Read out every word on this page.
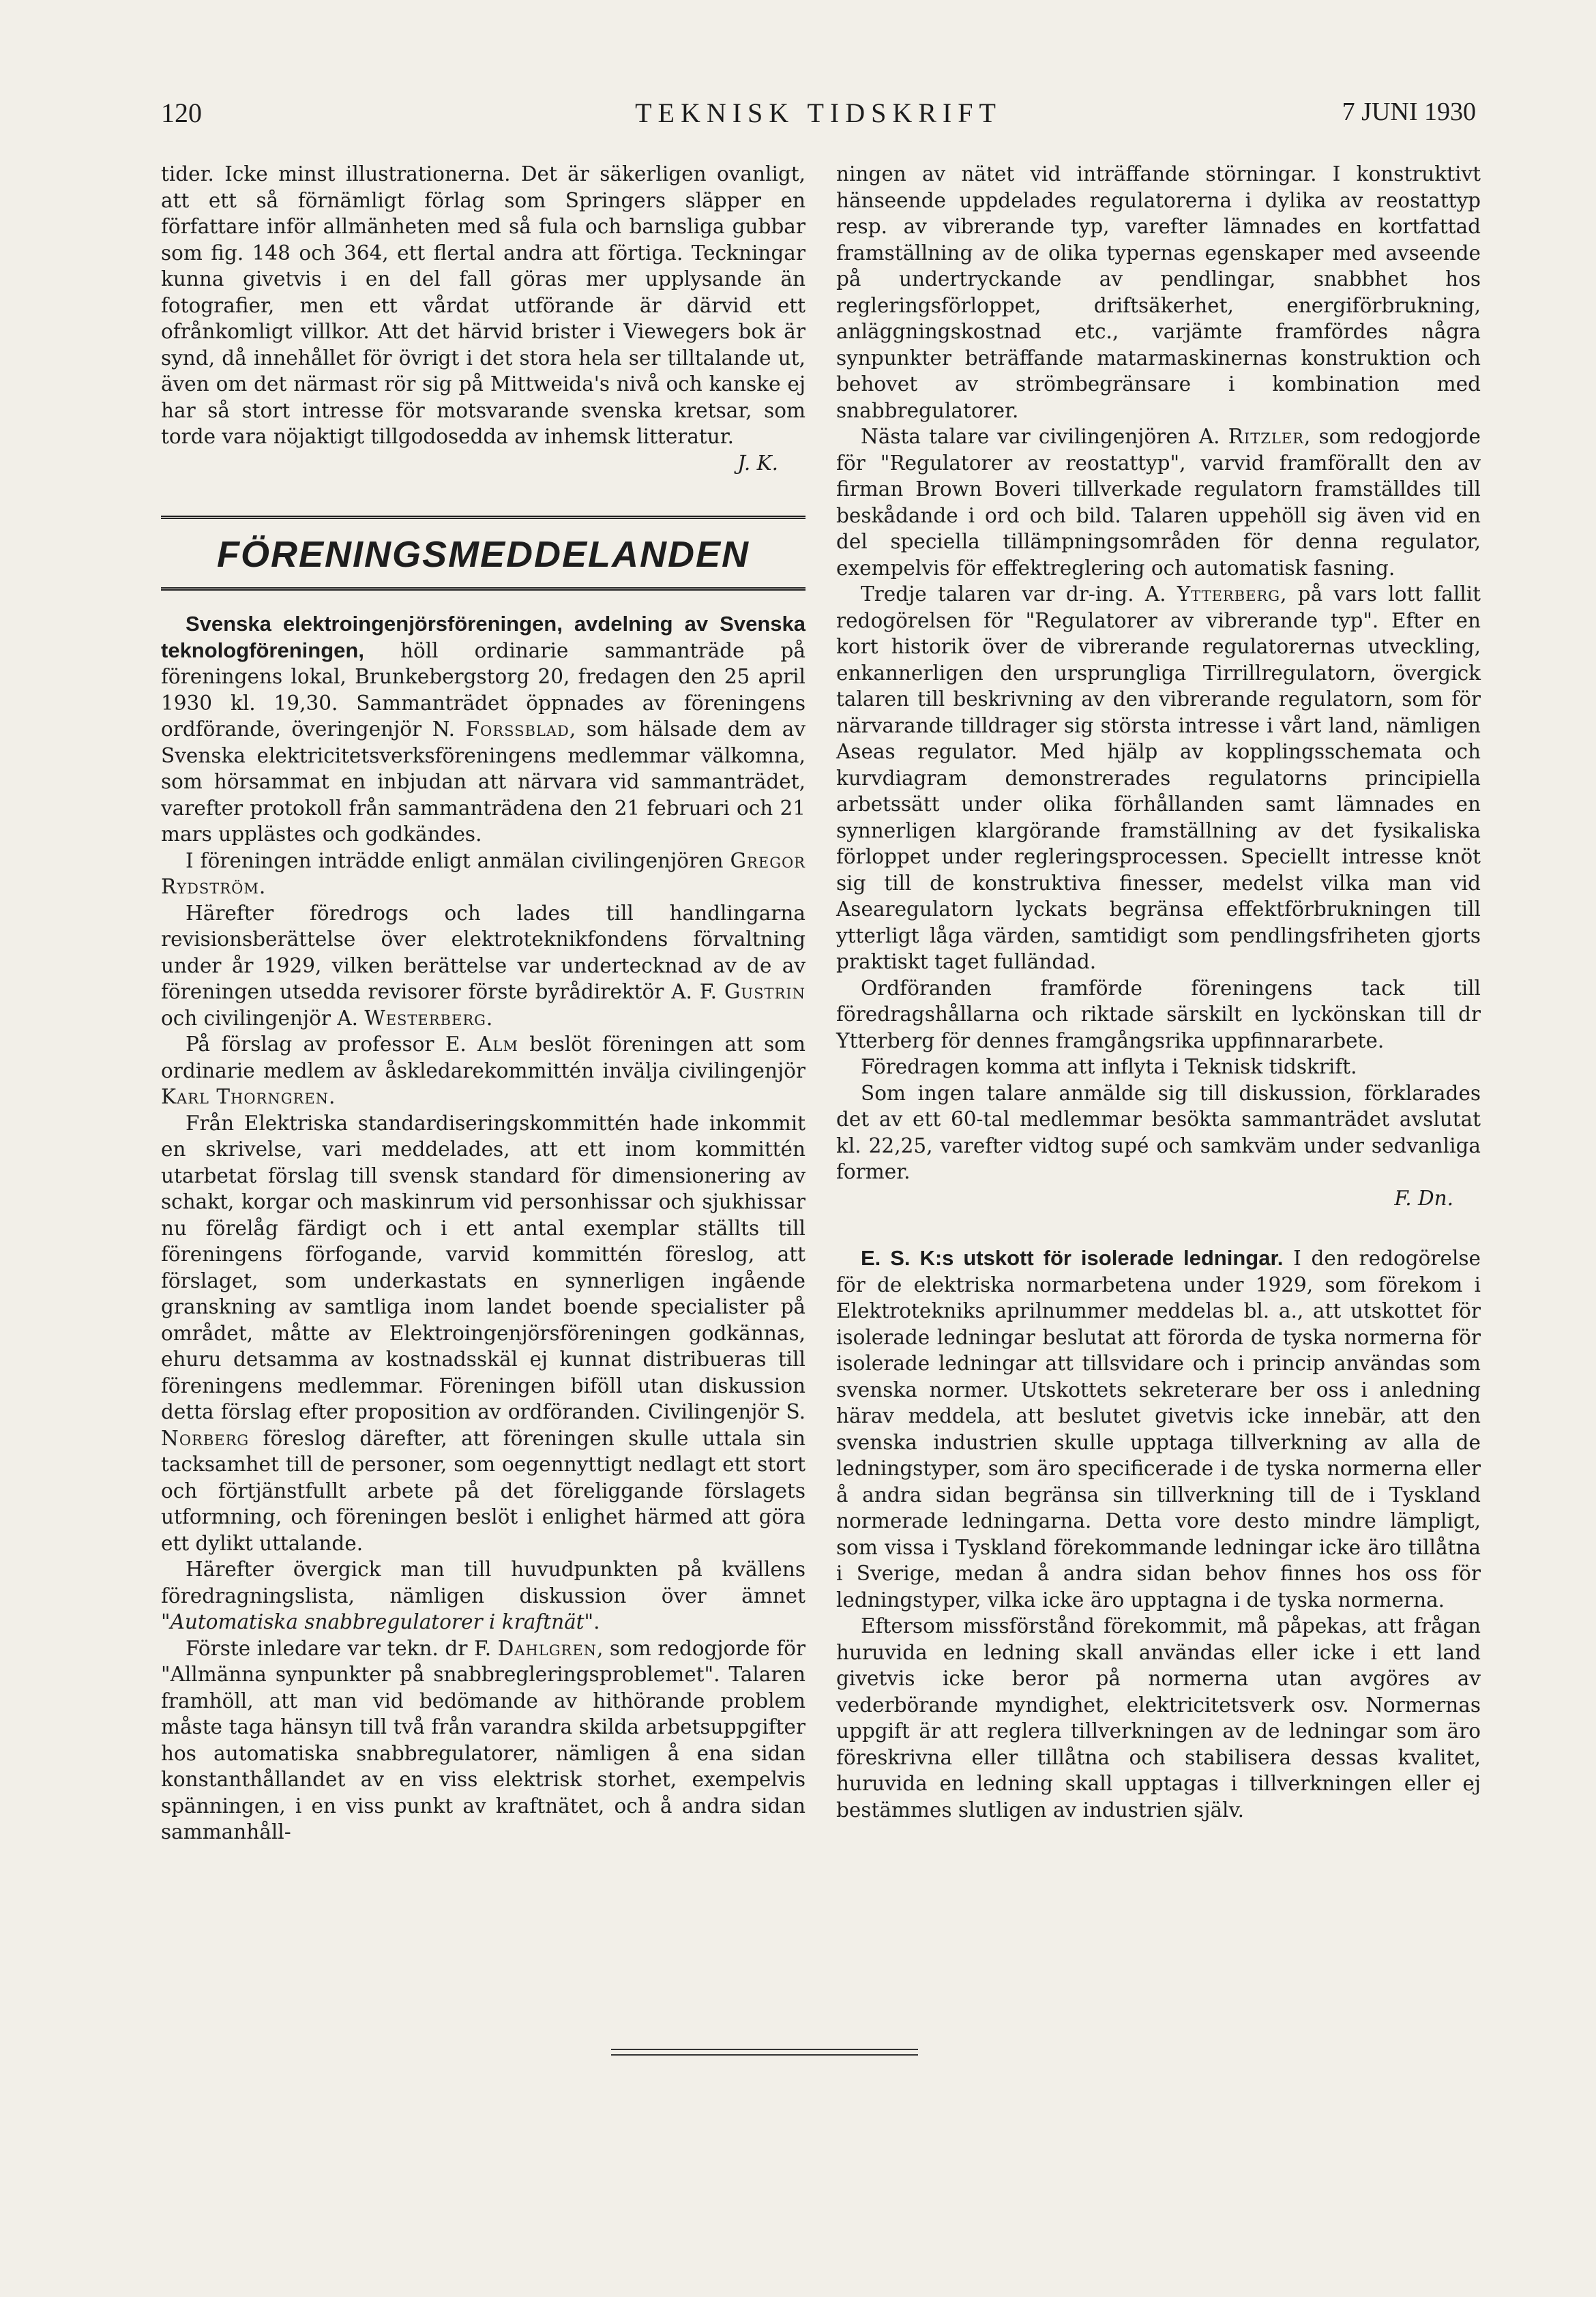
120	TEKNISK TIDSKRIFT	7 JUNI 1930

tider. Icke minst illustrationerna. Det är säkerligen ovanligt, att ett så förnämligt förlag som Springers släpper en författare inför allmänheten med så fula och barnsliga gubbar som fig. 148 och 364, ett flertal andra att förtiga. Teckningar kunna givetvis i en del fall göras mer upplysande än fotografier, men ett vårdat utförande är därvid ett ofrånkomligt villkor. Att det härvid brister i Viewegers bok är synd, då innehållet för övrigt i det stora hela ser tilltalande ut, även om det närmast rör sig på Mittweida's nivå och kanske ej har så stort intresse för motsvarande svenska kretsar, som torde vara nöjaktigt tillgodosedda av inhemsk litteratur.

J. K.

FÖRENINGSMEDDELANDEN

Svenska elektroingenjörsföreningen, avdelning av Svenska teknologföreningen, höll ordinarie sammanträde på föreningens lokal, Brunkebergstorg 20, fredagen den 25 april 1930 kl. 19,30. Sammanträdet öppnades av föreningens ordförande, överingenjör N. Forssblad, som hälsade dem av Svenska elektricitetsverksföreningens medlemmar välkomna, som hörsammat en inbjudan att närvara vid sammanträdet, varefter protokoll från sammanträdena den 21 februari och 21 mars upplästes och godkändes.

I föreningen inträdde enligt anmälan civilingenjören Gregor Rydström.

Härefter föredrogs och lades till handlingarna revisionsberättelse över elektroteknikfondens förvaltning under år 1929, vilken berättelse var undertecknad av de av föreningen utsedda revisorer förste byrådirektör A. F. Gustrin och civilingenjör A. Westerberg.

På förslag av professor E. Alm beslöt föreningen att som ordinarie medlem av åskledarekommittén invälja civilingenjör Karl Thorngren.

Från Elektriska standardiseringskommittén hade inkommit en skrivelse, vari meddelades, att ett inom kommittén utarbetat förslag till svensk standard för dimensionering av schakt, korgar och maskinrum vid personhissar och sjukhissar nu förelåg färdigt och i ett antal exemplar ställts till föreningens förfogande, varvid kommittén föreslog, att förslaget, som underkastats en synnerligen ingående granskning av samtliga inom landet boende specialister på området, måtte av Elektroingenjörsföreningen godkännas, ehuru detsamma av kostnadsskäl ej kunnat distribueras till föreningens medlemmar. Föreningen biföll utan diskussion detta förslag efter proposition av ordföranden. Civilingenjör S. Norberg föreslog därefter, att föreningen skulle uttala sin tacksamhet till de personer, som oegennyttigt nedlagt ett stort och förtjänstfullt arbete på det föreliggande förslagets utformning, och föreningen beslöt i enlighet härmed att göra ett dylikt uttalande.

Härefter övergick man till huvudpunkten på kvällens föredragningslista, nämligen diskussion över ämnet "Automatiska snabbregulatorer i kraftnät".

Förste inledare var tekn. dr F. Dahlgren, som redogjorde för "Allmänna synpunkter på snabbregleringsproblemet". Talaren framhöll, att man vid bedömande av hithörande problem måste taga hänsyn till två från varandra skilda arbetsuppgifter hos automatiska snabbregulatorer, nämligen å ena sidan konstanthållandet av en viss elektrisk storhet, exempelvis spänningen, i en viss punkt av kraftnätet, och å andra sidan sammanhåll-

ningen av nätet vid inträffande störningar. I konstruktivt hänseende uppdelades regulatorerna i dylika av reostattyp resp. av vibrerande typ, varefter lämnades en kortfattad framställning av de olika typernas egenskaper med avseende på undertryckande av pendlingar, snabbhet hos regleringsförloppet, driftsäkerhet, energiförbrukning, anläggningskostnad etc., varjämte framfördes några synpunkter beträffande matarmaskinernas konstruktion och behovet av strömbegränsare i kombination med snabbregulatorer.

Nästa talare var civilingenjören A. Ritzler, som redogjorde för "Regulatorer av reostattyp", varvid framförallt den av firman Brown Boveri tillverkade regulatorn framställdes till beskådande i ord och bild. Talaren uppehöll sig även vid en del speciella tillämpningsområden för denna regulator, exempelvis för effektreglering och automatisk fasning.

Tredje talaren var dr-ing. A. Ytterberg, på vars lott fallit redogörelsen för "Regulatorer av vibrerande typ". Efter en kort historik över de vibrerande regulatorernas utveckling, enkannerligen den ursprungliga Tirrillregulatorn, övergick talaren till beskrivning av den vibrerande regulatorn, som för närvarande tilldrager sig största intresse i vårt land, nämligen Aseas regulator. Med hjälp av kopplingsschemata och kurvdiagram demonstrerades regulatorns principiella arbetssätt under olika förhållanden samt lämnades en synnerligen klargörande framställning av det fysikaliska förloppet under regleringsprocessen. Speciellt intresse knöt sig till de konstruktiva finesser, medelst vilka man vid Asearegulatorn lyckats begränsa effektförbrukningen till ytterligt låga värden, samtidigt som pendlingsfriheten gjorts praktiskt taget fulländad.

Ordföranden framförde föreningens tack till föredragshållarna och riktade särskilt en lyckönskan till dr Ytterberg för dennes framgångsrika uppfinnararbete.

Föredragen komma att inflyta i Teknisk tidskrift.

Som ingen talare anmälde sig till diskussion, förklarades det av ett 60-tal medlemmar besökta sammanträdet avslutat kl. 22,25, varefter vidtog supé och samkväm under sedvanliga former.

F. Dn.

E. S. K:s utskott för isolerade ledningar. I den redogörelse för de elektriska normarbetena under 1929, som förekom i Elektrotekniks aprilnummer meddelas bl. a., att utskottet för isolerade ledningar beslutat att förorda de tyska normerna för isolerade ledningar att tillsvidare och i princip användas som svenska normer. Utskottets sekreterare ber oss i anledning härav meddela, att beslutet givetvis icke innebär, att den svenska industrien skulle upptaga tillverkning av alla de ledningstyper, som äro specificerade i de tyska normerna eller å andra sidan begränsa sin tillverkning till de i Tyskland normerade ledningarna. Detta vore desto mindre lämpligt, som vissa i Tyskland förekommande ledningar icke äro tillåtna i Sverige, medan å andra sidan behov finnes hos oss för ledningstyper, vilka icke äro upptagna i de tyska normerna.

Eftersom missförstånd förekommit, må påpekas, att frågan huruvida en ledning skall användas eller icke i ett land givetvis icke beror på normerna utan avgöres av vederbörande myndighet, elektricitetsverk osv. Normernas uppgift är att reglera tillverkningen av de ledningar som äro föreskrivna eller tillåtna och stabilisera dessas kvalitet, huruvida en ledning skall upptagas i tillverkningen eller ej bestämmes slutligen av industrien själv.
